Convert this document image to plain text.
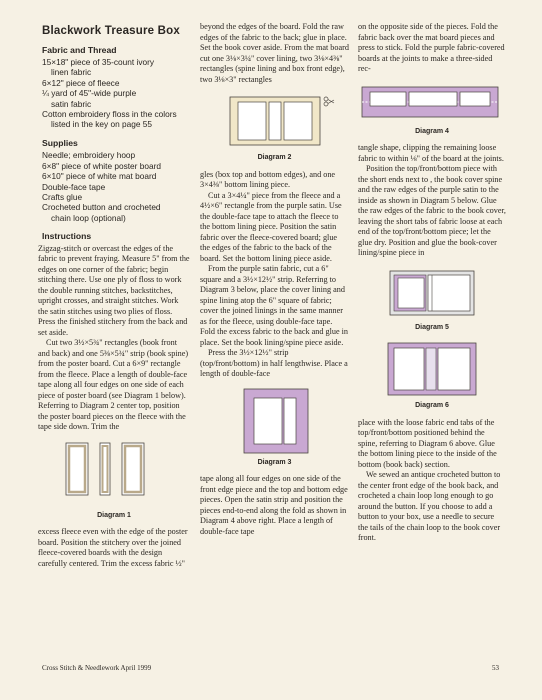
Blackwork Treasure Box
Fabric and Thread
15×18" piece of 35-count ivory
linen fabric
6×12" piece of fleece
¼ yard of 45"-wide purple
satin fabric
Cotton embroidery floss in the colors
listed in the key on page 55
Supplies
Needle; embroidery hoop
6×8" piece of white poster board
6×10" piece of white mat board
Double-face tape
Crafts glue
Crocheted button and crocheted
chain loop (optional)
Instructions

Zigzag-stitch or overcast the edges of the fabric to prevent fraying. Measure 5" from the edges on one corner of the fabric; begin stitching there. Use one ply of floss to work the double running stitches, backstitches, upright crosses, and straight stitches. Work the satin stitches using two plies of floss. Press the finished stitchery from the back and set aside.

Cut two 3½×5¾" rectangles (book front and back) and one 5⅜×5¾" strip (book spine) from the poster board. Cut a 6×9" rectangle from the fleece. Place a length of double-face tape along all four edges on one side of each piece of poster board (see Diagram 1 below). Referring to Diagram 2 center top, position the poster board pieces on the fleece with the tape side down. Trim the

Diagram 1

excess fleece even with the edge of the poster board. Position the stitchery over the joined fleece-covered boards with the design carefully centered. Trim the excess fabric ½"

beyond the edges of the board. Fold the raw edges of the fabric to the back; glue in place. Set the book cover aside. From the mat board cut one 3⅛×3¼" cover lining, two 3⅛×4⅜" rectangles (spine lining and box front edge), two 3⅛×3" rectangles

Diagram 2

gles (box top and bottom edges), and one 3×4⅜" bottom lining piece.

Cut a 3×4¼" piece from the fleece and a 4½×6" rectangle from the purple satin. Use the double-face tape to attach the fleece to the bottom lining piece. Position the satin fabric over the fleece-covered board; glue the edges of the fabric to the back of the board. Set the bottom lining piece aside.

From the purple satin fabric, cut a 6" square and a 3½×12½" strip. Referring to Diagram 3 below, place the cover lining and spine lining atop the 6" square of fabric; cover the joined linings in the same manner as for the fleece, using double-face tape. Fold the excess fabric to the back and glue in place. Set the book lining/spine piece aside.

Press the 3½×12½" strip (top/front/bottom) in half lengthwise. Place a length of double-face

Diagram 3

tape along all four edges on one side of the front edge piece and the top and bottom edge pieces. Open the satin strip and position the pieces end-to-end along the fold as shown in Diagram 4 above right. Place a length of double-face tape

on the opposite side of the pieces. Fold the fabric back over the mat board pieces and press to stick. Fold the purple fabric-covered boards at the joints to make a three-sided rec-

Diagram 4

tangle shape, clipping the remaining loose fabric to within ⅛" of the board at the joints.

Position the top/front/bottom piece with the short ends next to , the book cover spine and the raw edges of the purple satin to the inside as shown in Diagram 5 below. Glue the raw edges of the fabric to the book cover, leaving the short tabs of fabric loose at each end of the top/front/bottom piece; let the glue dry. Position and glue the book-cover lining/spine piece in

Diagram 5
Diagram 6

place with the loose fabric end tabs of the top/front/bottom positioned behind the spine, referring to Diagram 6 above. Glue the bottom lining piece to the inside of the bottom (book back) section.

We sewed an antique crocheted button to the center front edge of the book back, and crocheted a chain loop long enough to go around the button. If you choose to add a button to your box, use a needle to secure the tails of the chain loop to the book cover front.

Cross Stitch & Needlework April 1999	53
